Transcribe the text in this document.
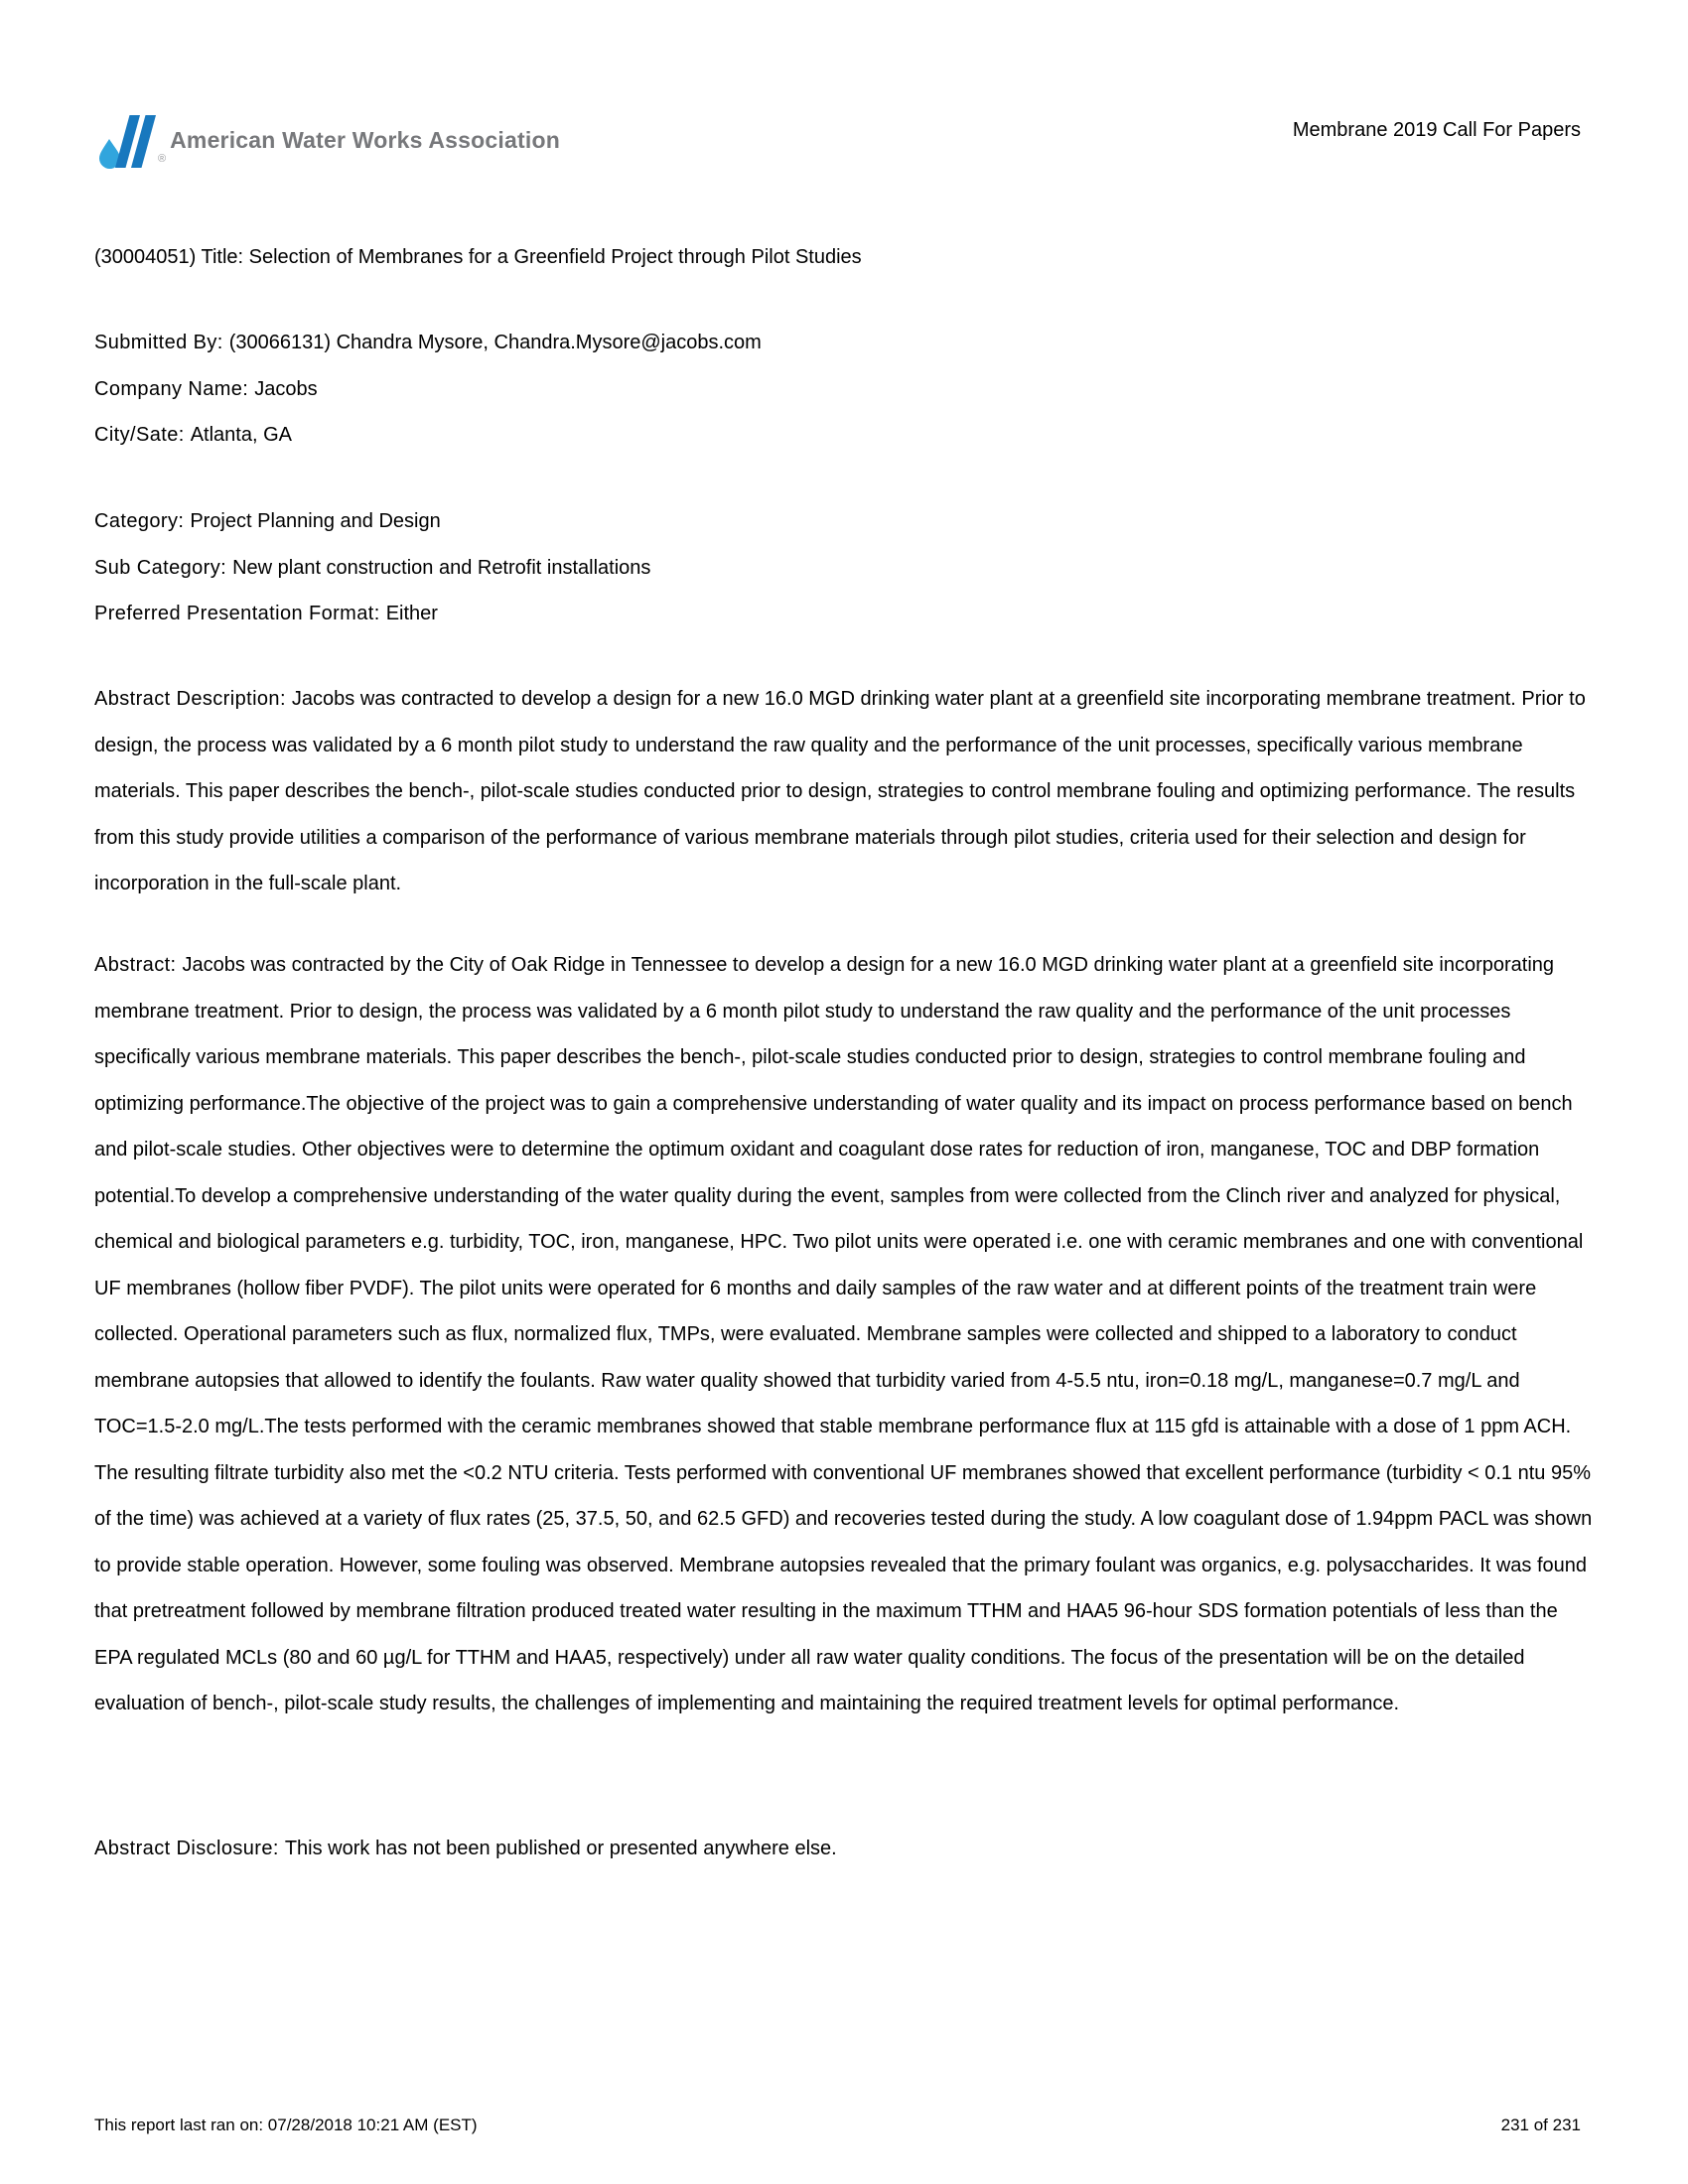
®
American Water Works Association	Membrane 2019 Call For Papers

(30004051) Title: Selection of Membranes for a Greenfield Project through Pilot Studies

Submitted By: (30066131) Chandra Mysore, Chandra.Mysore@jacobs.com

Company Name: Jacobs

City/Sate: Atlanta, GA

Category: Project Planning and Design

Sub Category: New plant construction and Retrofit installations

Preferred Presentation Format: Either

Abstract Description: Jacobs was contracted to develop a design for a new 16.0 MGD drinking water plant at a greenfield site incorporating membrane treatment. Prior to design, the process was validated by a 6 month pilot study to understand the raw quality and the performance of the unit processes, specifically various membrane materials. This paper describes the bench-, pilot-scale studies conducted prior to design, strategies to control membrane fouling and optimizing performance. The results from this study provide utilities a comparison of the performance of various membrane materials through pilot studies, criteria used for their selection and design for incorporation in the full-scale plant.

Abstract: Jacobs was contracted by the City of Oak Ridge in Tennessee to develop a design for a new 16.0 MGD drinking water plant at a greenfield site incorporating membrane treatment. Prior to design, the process was validated by a 6 month pilot study to understand the raw quality and the performance of the unit processes specifically various membrane materials. This paper describes the bench-, pilot-scale studies conducted prior to design, strategies to control membrane fouling and optimizing performance.The objective of the project was to gain a comprehensive understanding of water quality and its impact on process performance based on bench and pilot-scale studies. Other objectives were to determine the optimum oxidant and coagulant dose rates for reduction of iron, manganese, TOC and DBP formation potential.To develop a comprehensive understanding of the water quality during the event, samples from were collected from the Clinch river and analyzed for physical, chemical and biological parameters e.g. turbidity, TOC, iron, manganese, HPC. Two pilot units were operated i.e. one with ceramic membranes and one with conventional UF membranes (hollow fiber PVDF). The pilot units were operated for 6 months and daily samples of the raw water and at different points of the treatment train were collected. Operational parameters such as flux, normalized flux, TMPs, were evaluated. Membrane samples were collected and shipped to a laboratory to conduct membrane autopsies that allowed to identify the foulants. Raw water quality showed that turbidity varied from 4-5.5 ntu, iron=0.18 mg/L, manganese=0.7 mg/L and TOC=1.5-2.0 mg/L.The tests performed with the ceramic membranes showed that stable membrane performance flux at 115 gfd is attainable with a dose of 1 ppm ACH. The resulting filtrate turbidity also met the <0.2 NTU criteria. Tests performed with conventional UF membranes showed that excellent performance (turbidity < 0.1 ntu 95% of the time) was achieved at a variety of flux rates (25, 37.5, 50, and 62.5 GFD) and recoveries tested during the study. A low coagulant dose of 1.94ppm PACL was shown to provide stable operation. However, some fouling was observed. Membrane autopsies revealed that the primary foulant was organics, e.g. polysaccharides. It was found that pretreatment followed by membrane filtration produced treated water resulting in the maximum TTHM and HAA5 96-hour SDS formation potentials of less than the EPA regulated MCLs (80 and 60 µg/L for TTHM and HAA5, respectively) under all raw water quality conditions. The focus of the presentation will be on the detailed evaluation of bench-, pilot-scale study results, the challenges of implementing and maintaining the required treatment levels for optimal performance.

Abstract Disclosure: This work has not been published or presented anywhere else.

This report last ran on: 07/28/2018 10:21 AM (EST)	231 of 231
